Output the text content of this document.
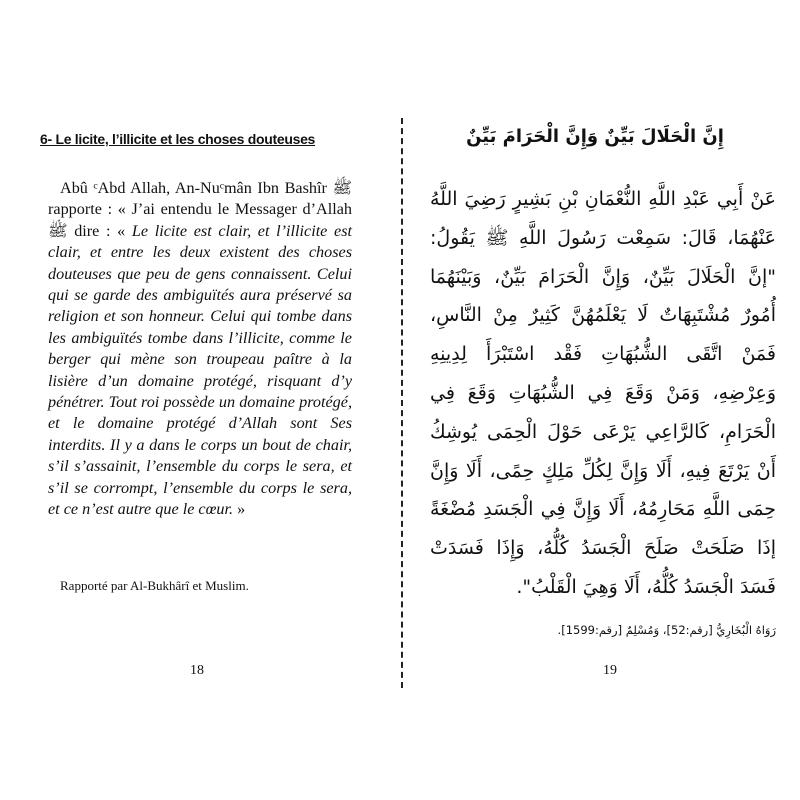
6- Le licite, l’illicite et les choses douteuses

Abû ᶜAbd Allah, An-Nuᶜmân Ibn Bashîr ﷺ rapporte : « J’ai entendu le Messager d’Allah ﷺ dire : « Le licite est clair, et l’illicite est clair, et entre les deux existent des choses douteuses que peu de gens connaissent. Celui qui se garde des ambiguïtés aura préservé sa religion et son honneur. Celui qui tombe dans les ambiguïtés tombe dans l’illicite, comme le berger qui mène son troupeau paître à la lisière d’un domaine protégé, risquant d’y pénétrer. Tout roi possède un domaine protégé, et le domaine protégé d’Allah sont Ses interdits. Il y a dans le corps un bout de chair, s’il s’assainit, l’ensemble du corps le sera, et s’il se corrompt, l’ensemble du corps le sera, et ce n’est autre que le cœur. »

Rapporté par Al-Bukhârî et Muslim.
18
إِنَّ الْحَلَالَ بَيِّنٌ وَإِنَّ الْحَرَامَ بَيِّنٌ

عَنْ أَبِي عَبْدِ اللَّهِ النُّعْمَانِ بْنِ بَشِيرٍ رَضِيَ اللَّهُ عَنْهُمَا، قَالَ: سَمِعْت رَسُولَ اللَّهِ ﷺ يَقُولُ: "إنَّ الْحَلَالَ بَيِّنٌ، وَإِنَّ الْحَرَامَ بَيِّنٌ، وَبَيْنَهُمَا أُمُورٌ مُشْتَبِهَاتٌ لَا يَعْلَمُهُنَّ كَثِيرٌ مِنْ النَّاسِ، فَمَنْ اتَّقَى الشُّبُهَاتِ فَقْد اسْتَبْرَأَ لِدِينِهِ وَعِرْضِهِ، وَمَنْ وَقَعَ فِي الشُّبُهَاتِ وَقَعَ فِي الْحَرَامِ، كَالرَّاعِي يَرْعَى حَوْلَ الْحِمَى يُوشِكُ أَنْ يَرْتَعَ فِيهِ، أَلَا وَإِنَّ لِكُلِّ مَلِكٍ حِمًى، أَلَا وَإِنَّ حِمَى اللَّهِ مَحَارِمُهُ، أَلَا وَإِنَّ فِي الْجَسَدِ مُضْغَةً إذَا صَلَحَتْ صَلَحَ الْجَسَدُ كُلُّهُ، وَإِذَا فَسَدَتْ فَسَدَ الْجَسَدُ كُلُّهُ، أَلَا وَهِيَ الْقَلْبُ".

رَوَاهُ الْبُخَارِيُّ [رقم:52]، وَمُسْلِمٌ [رقم:1599].
19
